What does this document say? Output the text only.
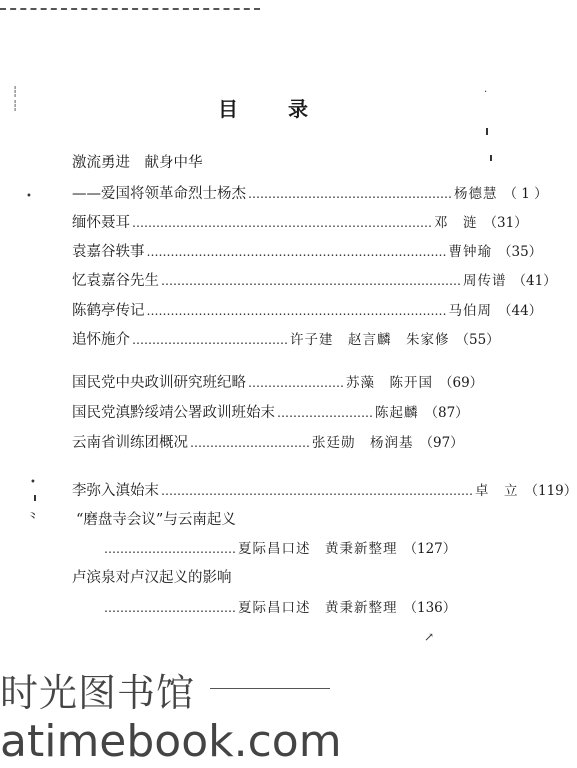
┆
┆
·
•
•
⺀
↗
目	录
激流勇进　献身中华
——爱国将领革命烈士杨杰 …………………………………………… 杨德慧 （ 1 ）
缅怀聂耳 ………………………………………………………………… 邓　涟 （31）
袁嘉谷轶事 ………………………………………………………………… 曹钟瑜 （35）
忆袁嘉谷先生 ………………………………………………………………… 周传谱 （41）
陈鹤亭传记 ………………………………………………………………… 马伯周 （44）
追怀施介 ………………………………… 许子建　赵言麟　朱家修 （55）
国民党中央政训研究班纪略 …………………… 苏藻　陈开国 （69）
国民党滇黔绥靖公署政训班始末 …………………… 陈起麟 （87）
云南省训练团概况 ………………………… 张廷勋　杨润基 （97）
李弥入滇始末 …………………………………………………………………… 卓　立 （119）
“磨盘寺会议”与云南起义
…………………………… 夏际昌口述　黄秉新整理 （127）
卢滨泉对卢汉起义的影响
…………………………… 夏际昌口述　黄秉新整理 （136）
时光图书馆
atimebook.com
